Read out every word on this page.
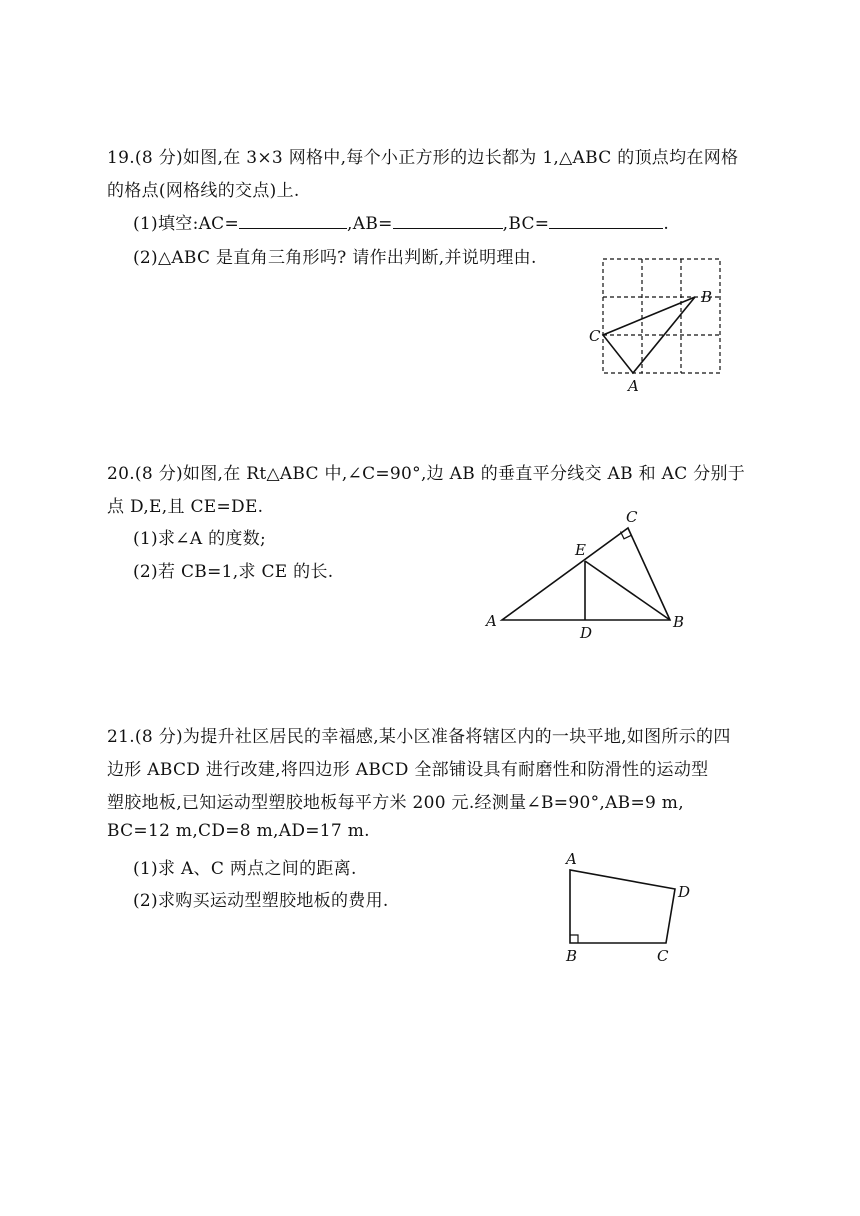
19.(8 分)如图,在 3×3 网格中,每个小正方形的边长都为 1,△ABC 的顶点均在网格
的格点(网格线的交点)上.
(1)填空:AC=	,AB=	,BC=	.
(2)△ABC 是直角三角形吗? 请作出判断,并说明理由.
A
B
C
20.(8 分)如图,在 Rt△ABC 中,∠C=90°,边 AB 的垂直平分线交 AB 和 AC 分别于
点 D,E,且 CE=DE.
(1)求∠A 的度数;
(2)若 CB=1,求 CE 的长.
A	B
C
D
E
21.(8 分)为提升社区居民的幸福感,某小区准备将辖区内的一块平地,如图所示的四
边形 ABCD 进行改建,将四边形 ABCD 全部铺设具有耐磨性和防滑性的运动型
塑胶地板,已知运动型塑胶地板每平方米 200 元.经测量∠B=90°,AB=9 m,
BC=12 m,CD=8 m,AD=17 m.
(1)求 A、C 两点之间的距离.
(2)求购买运动型塑胶地板的费用.
A
B	C
D
